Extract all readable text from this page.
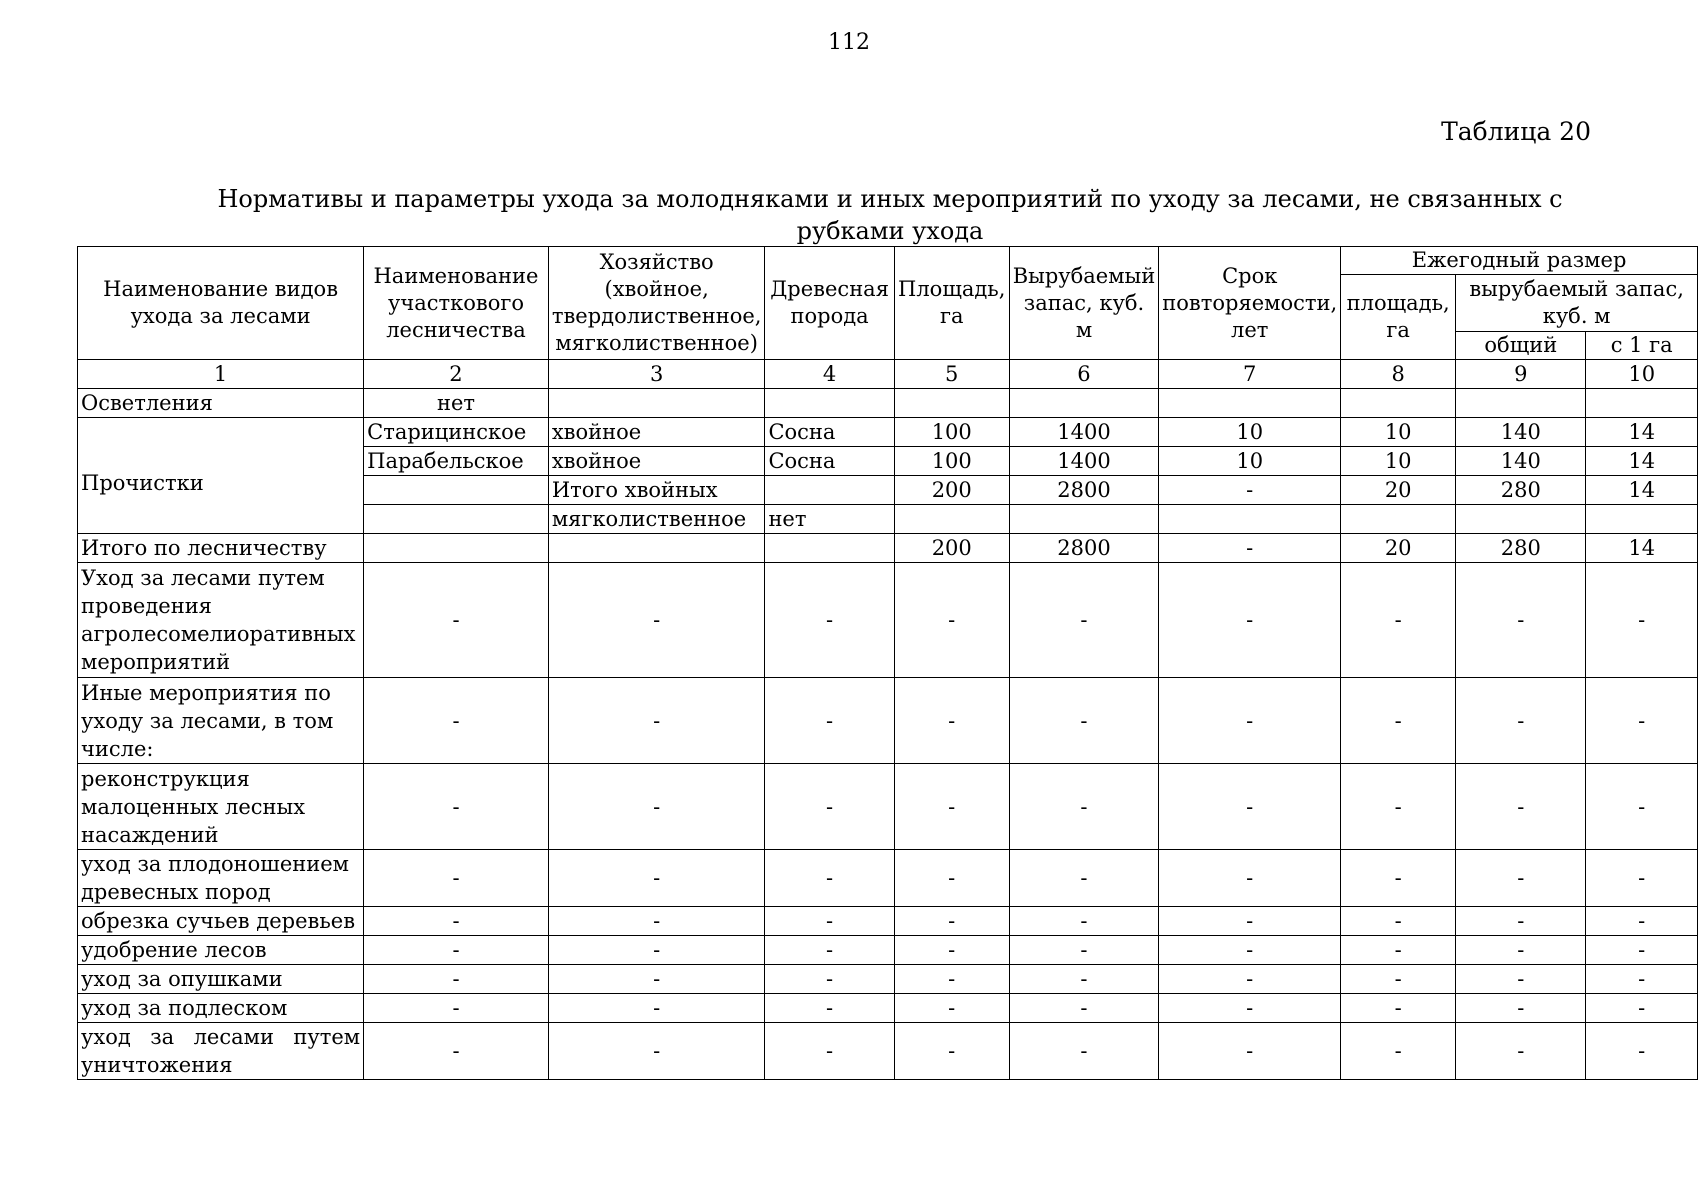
112
Таблица 20
Нормативы и параметры ухода за молодняками и иных мероприятий по уходу за лесами, не связанных с рубками ухода
Наименование видов ухода за лесами	Наименование участкового лесничества	Хозяйство (хвойное, твердолиственное, мягколиственное)	Древесная порода	Площадь, га	Вырубаемый запас, куб. м	Срок повторяемости, лет	Ежегодный размер		
							площадь, га	вырубаемый запас, куб. м	
								общий	с 1 га
1	2	3	4	5	6	7	8	9	10
Осветления	нет								
Прочистки	Старицинское	хвойное	Сосна	100	1400	10	10	140	14
	Парабельское	хвойное	Сосна	100	1400	10	10	140	14
		Итого хвойных		200	2800	-	20	280	14
		мягколиственное	нет						
Итого по лесничеству				200	2800	-	20	280	14
Уход за лесами путем проведения агролесомелиоративных мероприятий	-	-	-	-	-	-	-	-	-
Иные мероприятия по уходу за лесами, в том числе:	-	-	-	-	-	-	-	-	-
реконструкция малоценных лесных насаждений	-	-	-	-	-	-	-	-	-
уход за плодоношением древесных пород	-	-	-	-	-	-	-	-	-
обрезка сучьев деревьев	-	-	-	-	-	-	-	-	-
удобрение лесов	-	-	-	-	-	-	-	-	-
уход за опушками	-	-	-	-	-	-	-	-	-
уход за подлеском	-	-	-	-	-	-	-	-	-
уход за лесами путем уничтожения	-	-	-	-	-	-	-	-	-
